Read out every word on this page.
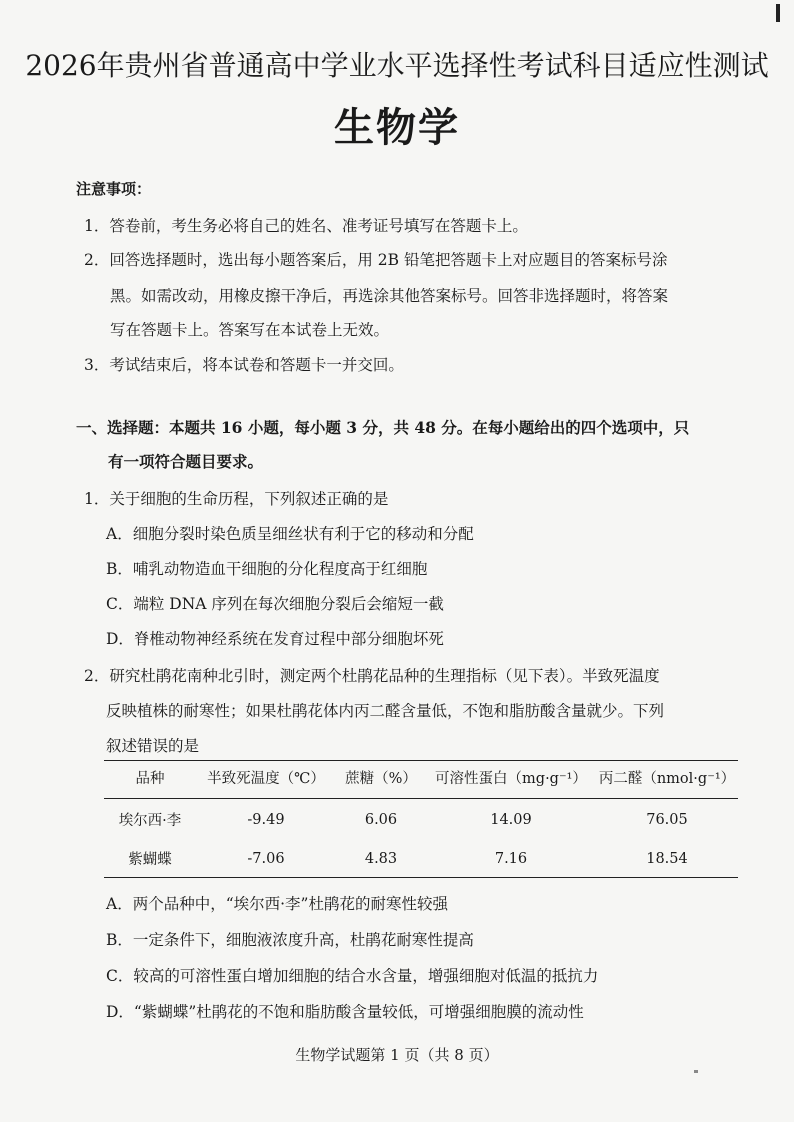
2026年贵州省普通高中学业水平选择性考试科目适应性测试
生物学
注意事项：
1．答卷前，考生务必将自己的姓名、准考证号填写在答题卡上。
2．回答选择题时，选出每小题答案后，用 2B 铅笔把答题卡上对应题目的答案标号涂
黑。如需改动，用橡皮擦干净后，再选涂其他答案标号。回答非选择题时，将答案
写在答题卡上。答案写在本试卷上无效。
3．考试结束后，将本试卷和答题卡一并交回。
一、选择题：本题共 16 小题，每小题 3 分，共 48 分。在每小题给出的四个选项中，只
有一项符合题目要求。
1．关于细胞的生命历程，下列叙述正确的是
A．细胞分裂时染色质呈细丝状有利于它的移动和分配
B．哺乳动物造血干细胞的分化程度高于红细胞
C．端粒 DNA 序列在每次细胞分裂后会缩短一截
D．脊椎动物神经系统在发育过程中部分细胞坏死
2．研究杜鹃花南种北引时，测定两个杜鹃花品种的生理指标（见下表）。半致死温度
反映植株的耐寒性；如果杜鹃花体内丙二醛含量低，不饱和脂肪酸含量就少。下列
叙述错误的是
品种	半致死温度（℃）	蔗糖（%）	可溶性蛋白（mg·g⁻¹）	丙二醛（nmol·g⁻¹）
埃尔西·李	-9.49	6.06	14.09	76.05
紫蝴蝶	-7.06	4.83	7.16	18.54
A．两个品种中，“埃尔西·李”杜鹃花的耐寒性较强
B．一定条件下，细胞液浓度升高，杜鹃花耐寒性提高
C．较高的可溶性蛋白增加细胞的结合水含量，增强细胞对低温的抵抗力
D．“紫蝴蝶”杜鹃花的不饱和脂肪酸含量较低，可增强细胞膜的流动性
生物学试题第 1 页（共 8 页）
